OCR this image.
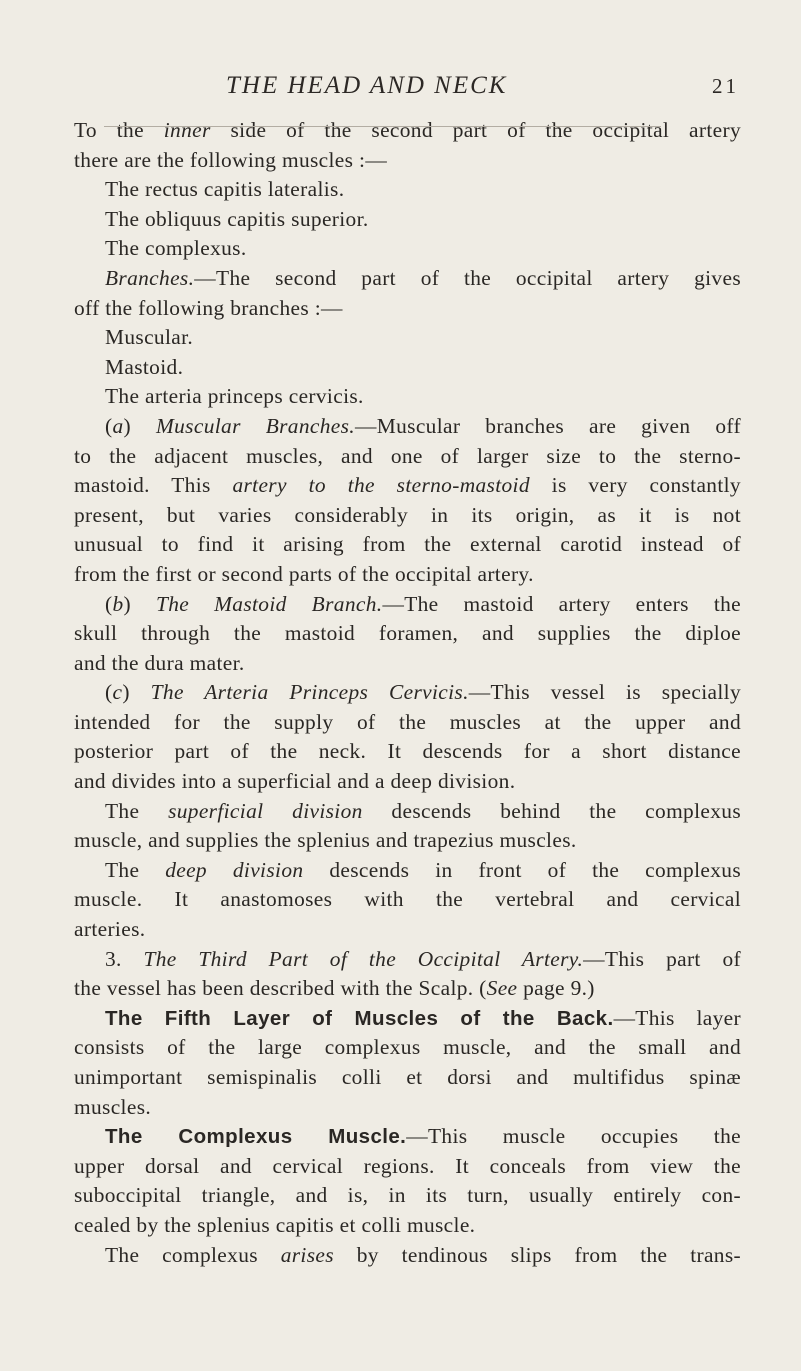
THE HEAD AND NECK	21
To the inner side of the second part of the occipital artery
there are the following muscles :—
The rectus capitis lateralis.
The obliquus capitis superior.
The complexus.
Branches.—The second part of the occipital artery gives
off the following branches :—
Muscular.
Mastoid.
The arteria princeps cervicis.
(a) Muscular Branches.—Muscular branches are given off
to the adjacent muscles, and one of larger size to the sterno-
mastoid. This artery to the sterno-mastoid is very constantly
present, but varies considerably in its origin, as it is not
unusual to find it arising from the external carotid instead of
from the first or second parts of the occipital artery.
(b) The Mastoid Branch.—The mastoid artery enters the
skull through the mastoid foramen, and supplies the diploe
and the dura mater.
(c) The Arteria Princeps Cervicis.—This vessel is specially
intended for the supply of the muscles at the upper and
posterior part of the neck. It descends for a short distance
and divides into a superficial and a deep division.
The superficial division descends behind the complexus
muscle, and supplies the splenius and trapezius muscles.
The deep division descends in front of the complexus
muscle. It anastomoses with the vertebral and cervical
arteries.
3. The Third Part of the Occipital Artery.—This part of
the vessel has been described with the Scalp. (See page 9.)
The Fifth Layer of Muscles of the Back.—This layer
consists of the large complexus muscle, and the small and
unimportant semispinalis colli et dorsi and multifidus spinæ
muscles.
The Complexus Muscle.—This muscle occupies the
upper dorsal and cervical regions. It conceals from view the
suboccipital triangle, and is, in its turn, usually entirely con-
cealed by the splenius capitis et colli muscle.
The complexus arises by tendinous slips from the trans-
